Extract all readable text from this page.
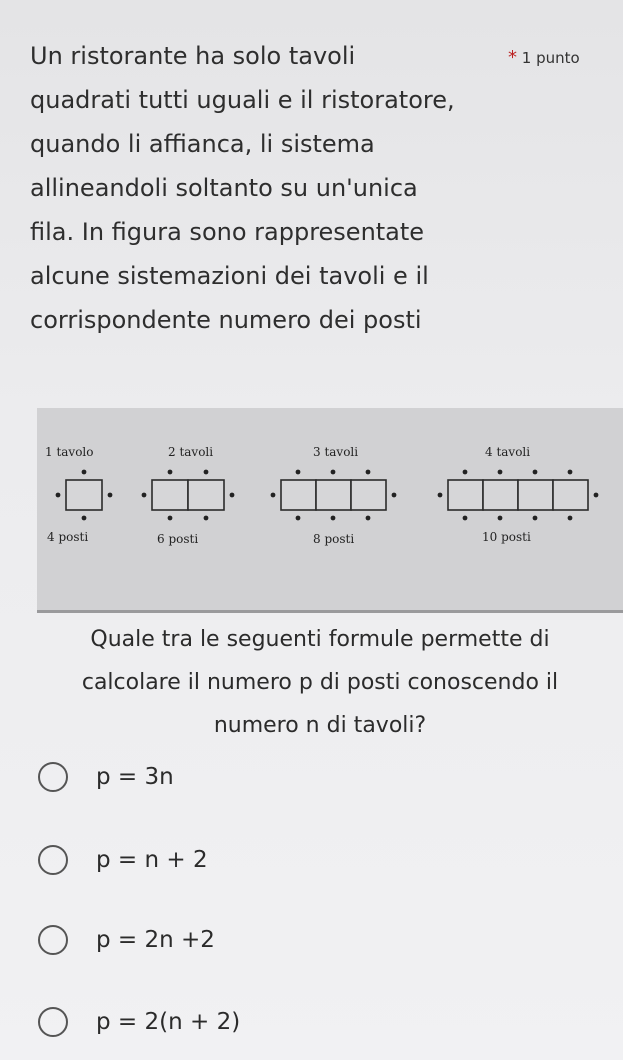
Un ristorante ha solo tavoli
quadrati tutti uguali e il ristoratore,
quando li affianca, li sistema
allineandoli soltanto su un'unica
fila. In figura sono rappresentate
alcune sistemazioni dei tavoli e il
corrispondente numero dei posti
* 1 punto
1 tavolo	2 tavoli	3 tavoli	4 tavoli
4 posti	6 posti	8 posti	10 posti
Quale tra le seguenti formule permette di
calcolare il numero p di posti conoscendo il
numero n di tavoli?
p = 3n
p = n + 2
p = 2n +2
p = 2(n + 2)
